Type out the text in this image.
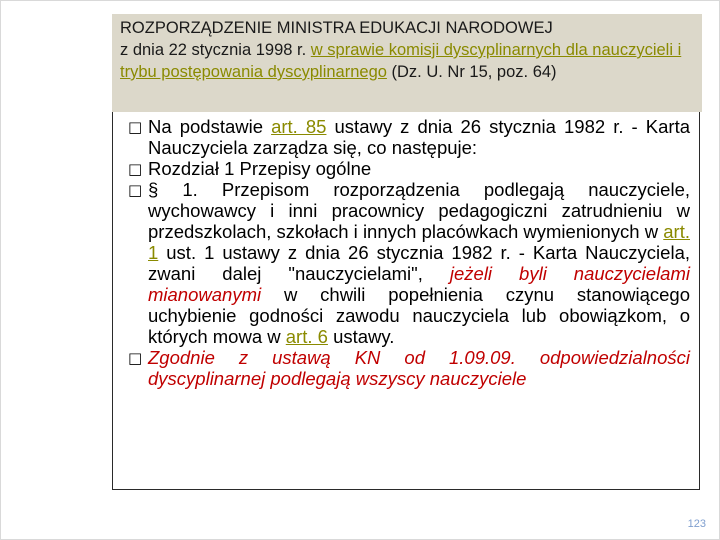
ROZPORZĄDZENIE MINISTRA EDUKACJI NARODOWEJ
z dnia 22 stycznia 1998 r. w sprawie komisji dyscyplinarnych dla nauczycieli i trybu postępowania dyscyplinarnego (Dz. U. Nr 15, poz. 64)

□ Na podstawie art. 85 ustawy z dnia 26 stycznia 1982 r. - Karta Nauczyciela zarządza się, co następuje:
□ Rozdział 1 Przepisy ogólne
□ § 1. Przepisom rozporządzenia podlegają nauczyciele, wychowawcy i inni pracownicy pedagogiczni zatrudnieniu w przedszkolach, szkołach i innych placówkach wymienionych w art. 1 ust. 1 ustawy z dnia 26 stycznia 1982 r. - Karta Nauczyciela, zwani dalej "nauczycielami", jeżeli byli nauczycielami mianowanymi w chwili popełnienia czynu stanowiącego uchybienie godności zawodu nauczyciela lub obowiązkom, o których mowa w art. 6 ustawy.
□ Zgodnie z ustawą KN od 1.09.09. odpowiedzialności dyscyplinarnej podlegają wszyscy nauczyciele
123
